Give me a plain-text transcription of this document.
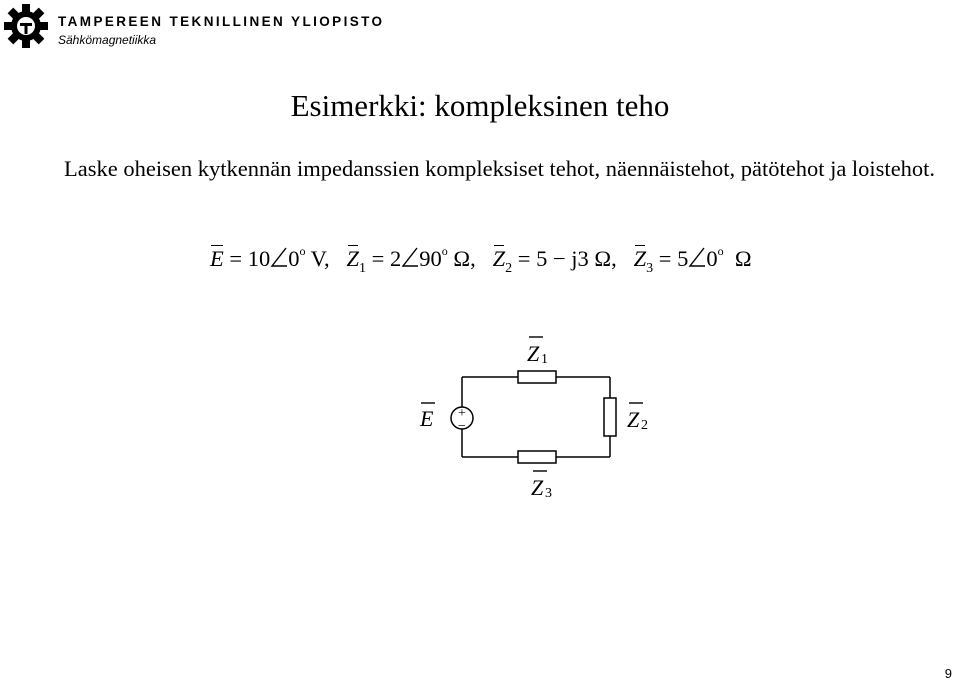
TAMPEREEN TEKNILLINEN YLIOPISTO
Sähkömagnetiikka
Esimerkki: kompleksinen teho
Laske oheisen kytkennän impedanssien kompleksiset tehot, näennäistehot, pätötehot ja loistehot.
E = 10 0$^o$ V, $Z_1 = 2$ 90$^o$ Ω, $Z_2 = 5 - j3$ Ω, $Z_3 = 5$ 0$^o$ Ω
+
−
E
Z 1
Z 2
Z 3
9
